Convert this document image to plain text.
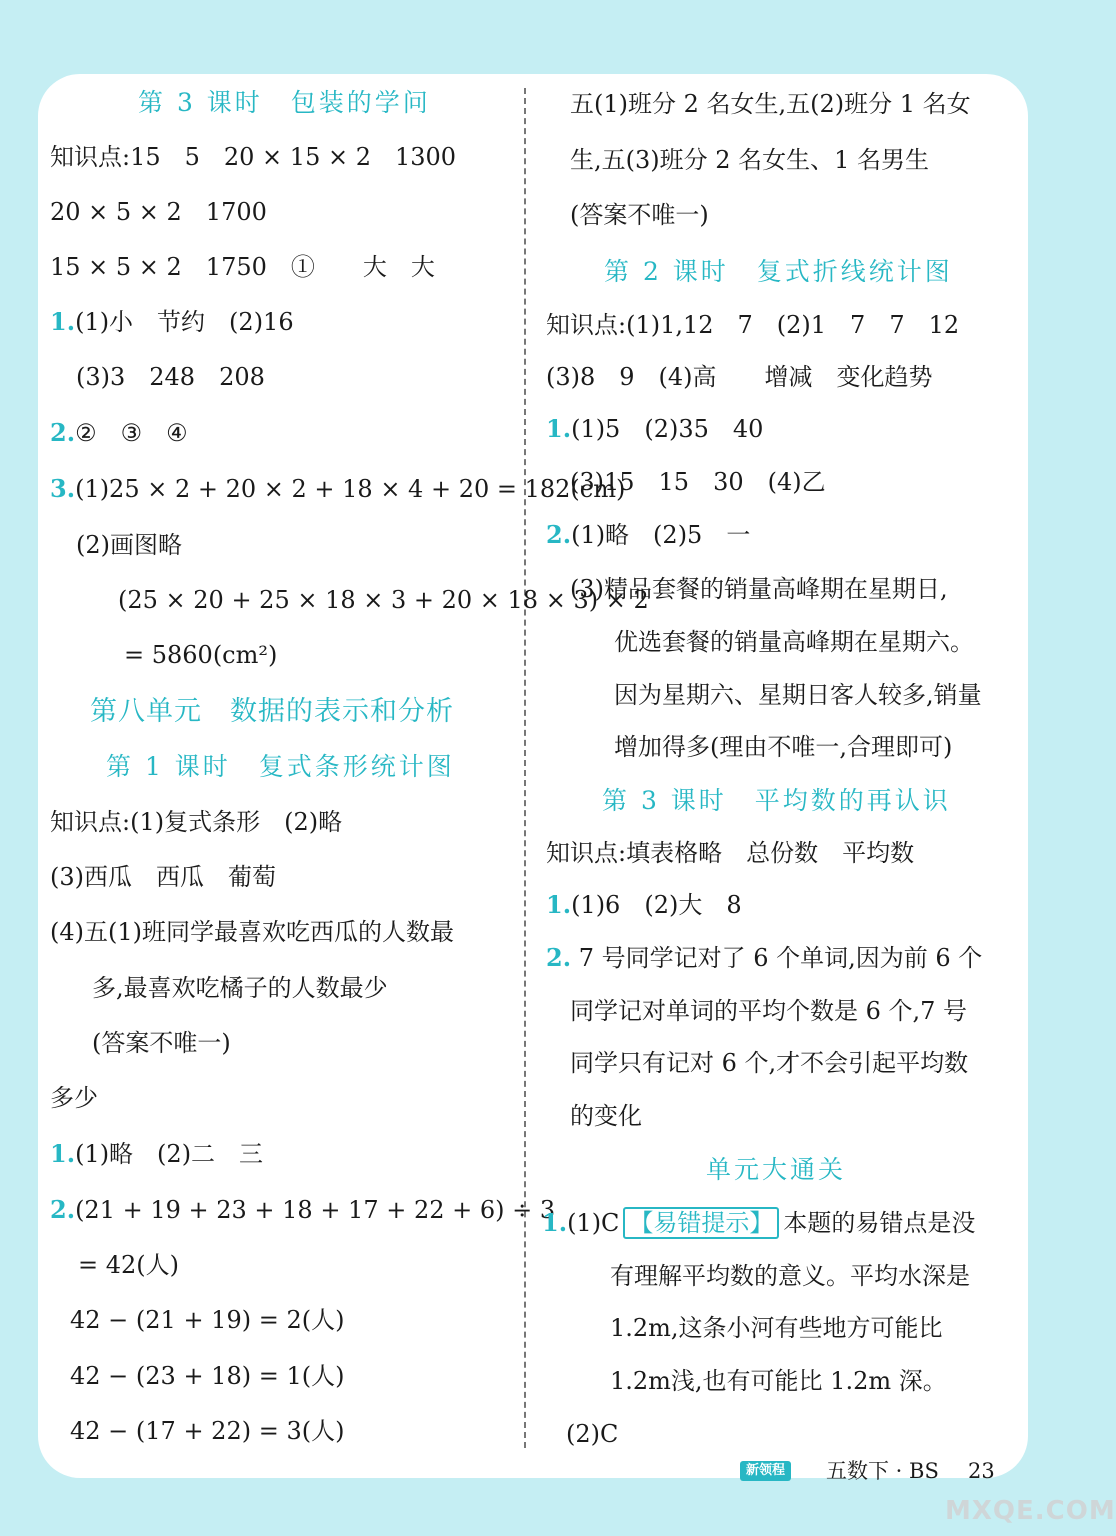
第 3 课时　包装的学问
知识点:15　5　20 × 15 × 2　1300
20 × 5 × 2　1700
15 × 5 × 2　1750　①　　大　大
1.(1)小　节约　(2)16
(3)3　248　208
2.②　③　④
3.(1)25 × 2 + 20 × 2 + 18 × 4 + 20 = 182(cm)
(2)画图略
(25 × 20 + 25 × 18 × 3 + 20 × 18 × 3) × 2
= 5860(cm²)
第八单元　数据的表示和分析
第 1 课时　复式条形统计图
知识点:(1)复式条形　(2)略
(3)西瓜　西瓜　葡萄
(4)五(1)班同学最喜欢吃西瓜的人数最
多,最喜欢吃橘子的人数最少
(答案不唯一)
多少
1.(1)略　(2)二　三
2.(21 + 19 + 23 + 18 + 17 + 22 + 6) ÷ 3
= 42(人)
42 − (21 + 19) = 2(人)
42 − (23 + 18) = 1(人)
42 − (17 + 22) = 3(人)
五(1)班分 2 名女生,五(2)班分 1 名女
生,五(3)班分 2 名女生、1 名男生
(答案不唯一)
第 2 课时　复式折线统计图
知识点:(1)1,12　7　(2)1　7　7　12
(3)8　9　(4)高　　增减　变化趋势
1.(1)5　(2)35　40
(3)15　15　30　(4)乙
2.(1)略　(2)5　一
(3)精品套餐的销量高峰期在星期日,
优选套餐的销量高峰期在星期六。
因为星期六、星期日客人较多,销量
增加得多(理由不唯一,合理即可)
第 3 课时　平均数的再认识
知识点:填表格略　总份数　平均数
1.(1)6　(2)大　8
2. 7 号同学记对了 6 个单词,因为前 6 个
同学记对单词的平均个数是 6 个,7 号
同学只有记对 6 个,才不会引起平均数
的变化
单元大通关
1.(1)C 【易错提示】 本题的易错点是没
有理解平均数的意义。平均水深是
1.2m,这条小河有些地方可能比
1.2m浅,也有可能比 1.2m 深。
(2)C
新领程 五数下 · BS 23
MXQE.COM
